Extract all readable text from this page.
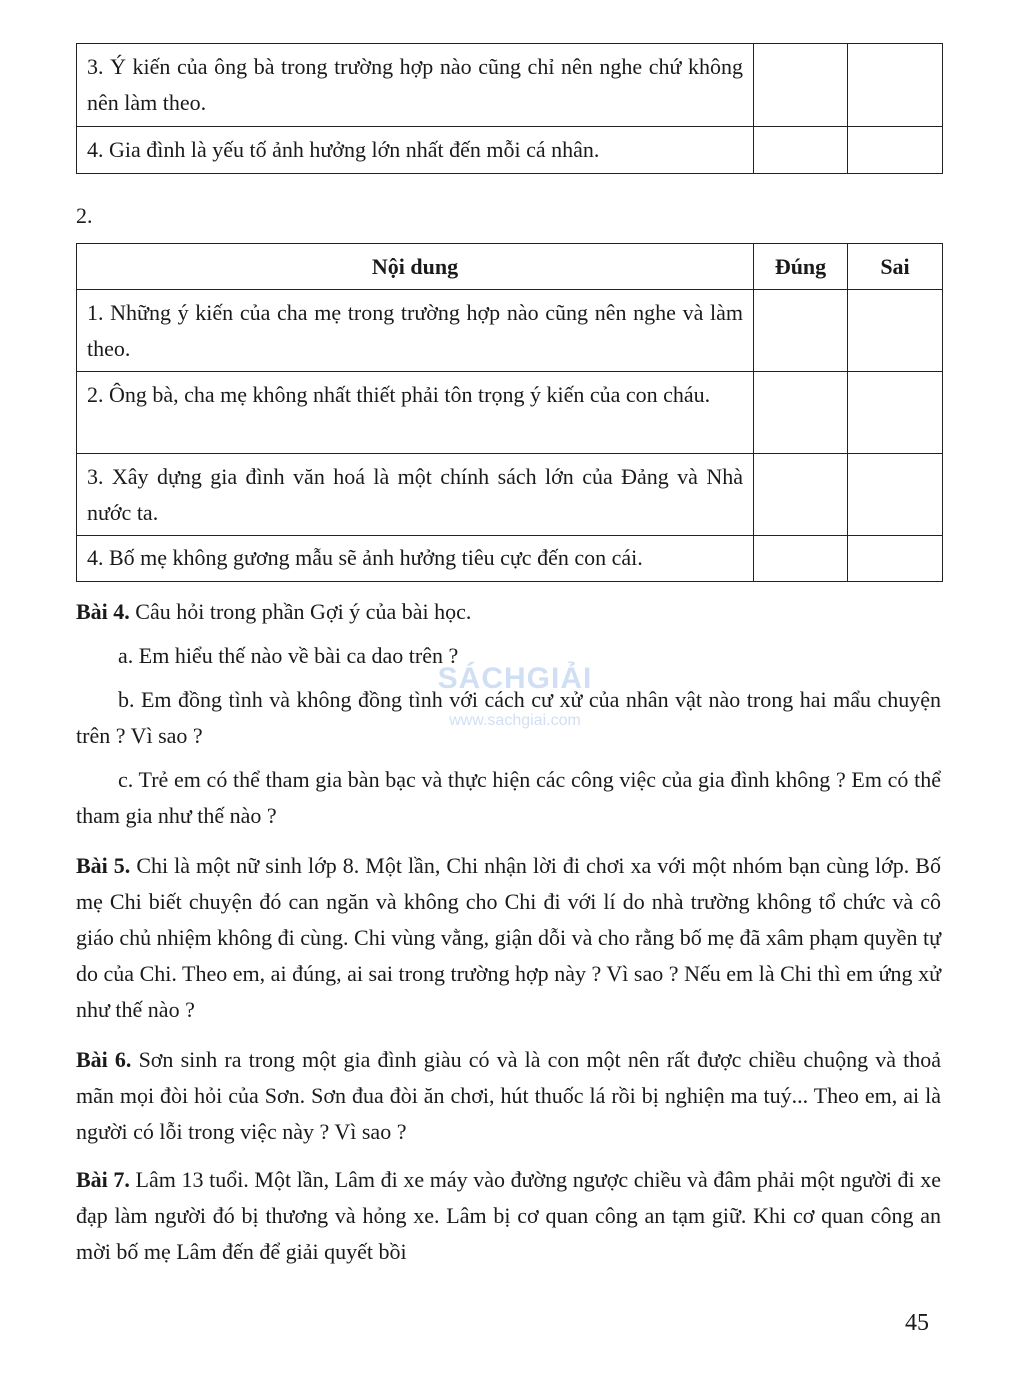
3. Ý kiến của ông bà trong trường hợp nào cũng chỉ nên nghe chứ không nên làm theo.		
4. Gia đình là yếu tố ảnh hưởng lớn nhất đến mỗi cá nhân.		
2.
Nội dung	Đúng	Sai
1. Những ý kiến của cha mẹ trong trường hợp nào cũng nên nghe và làm theo.		
2. Ông bà, cha mẹ không nhất thiết phải tôn trọng ý kiến của con cháu.		
3. Xây dựng gia đình văn hoá là một chính sách lớn của Đảng và Nhà nước ta.		
4. Bố mẹ không gương mẫu sẽ ảnh hưởng tiêu cực đến con cái.		

Bài 4. Câu hỏi trong phần Gợi ý của bài học.

a. Em hiểu thế nào về bài ca dao trên ?

b. Em đồng tình và không đồng tình với cách cư xử của nhân vật nào trong hai mẩu chuyện trên ? Vì sao ?

c. Trẻ em có thể tham gia bàn bạc và thực hiện các công việc của gia đình không ? Em có thể tham gia như thế nào ?

Bài 5. Chi là một nữ sinh lớp 8. Một lần, Chi nhận lời đi chơi xa với một nhóm bạn cùng lớp. Bố mẹ Chi biết chuyện đó can ngăn và không cho Chi đi với lí do nhà trường không tổ chức và cô giáo chủ nhiệm không đi cùng. Chi vùng vằng, giận dỗi và cho rằng bố mẹ đã xâm phạm quyền tự do của Chi. Theo em, ai đúng, ai sai trong trường hợp này ? Vì sao ? Nếu em là Chi thì em ứng xử như thế nào ?

Bài 6. Sơn sinh ra trong một gia đình giàu có và là con một nên rất được chiều chuộng và thoả mãn mọi đòi hỏi của Sơn. Sơn đua đòi ăn chơi, hút thuốc lá rồi bị nghiện ma tuý... Theo em, ai là người có lỗi trong việc này ? Vì sao ?

Bài 7. Lâm 13 tuổi. Một lần, Lâm đi xe máy vào đường ngược chiều và đâm phải một người đi xe đạp làm người đó bị thương và hỏng xe. Lâm bị cơ quan công an tạm giữ. Khi cơ quan công an mời bố mẹ Lâm đến để giải quyết bồi

SÁCHGIẢI
www.sachgiai.com
45
